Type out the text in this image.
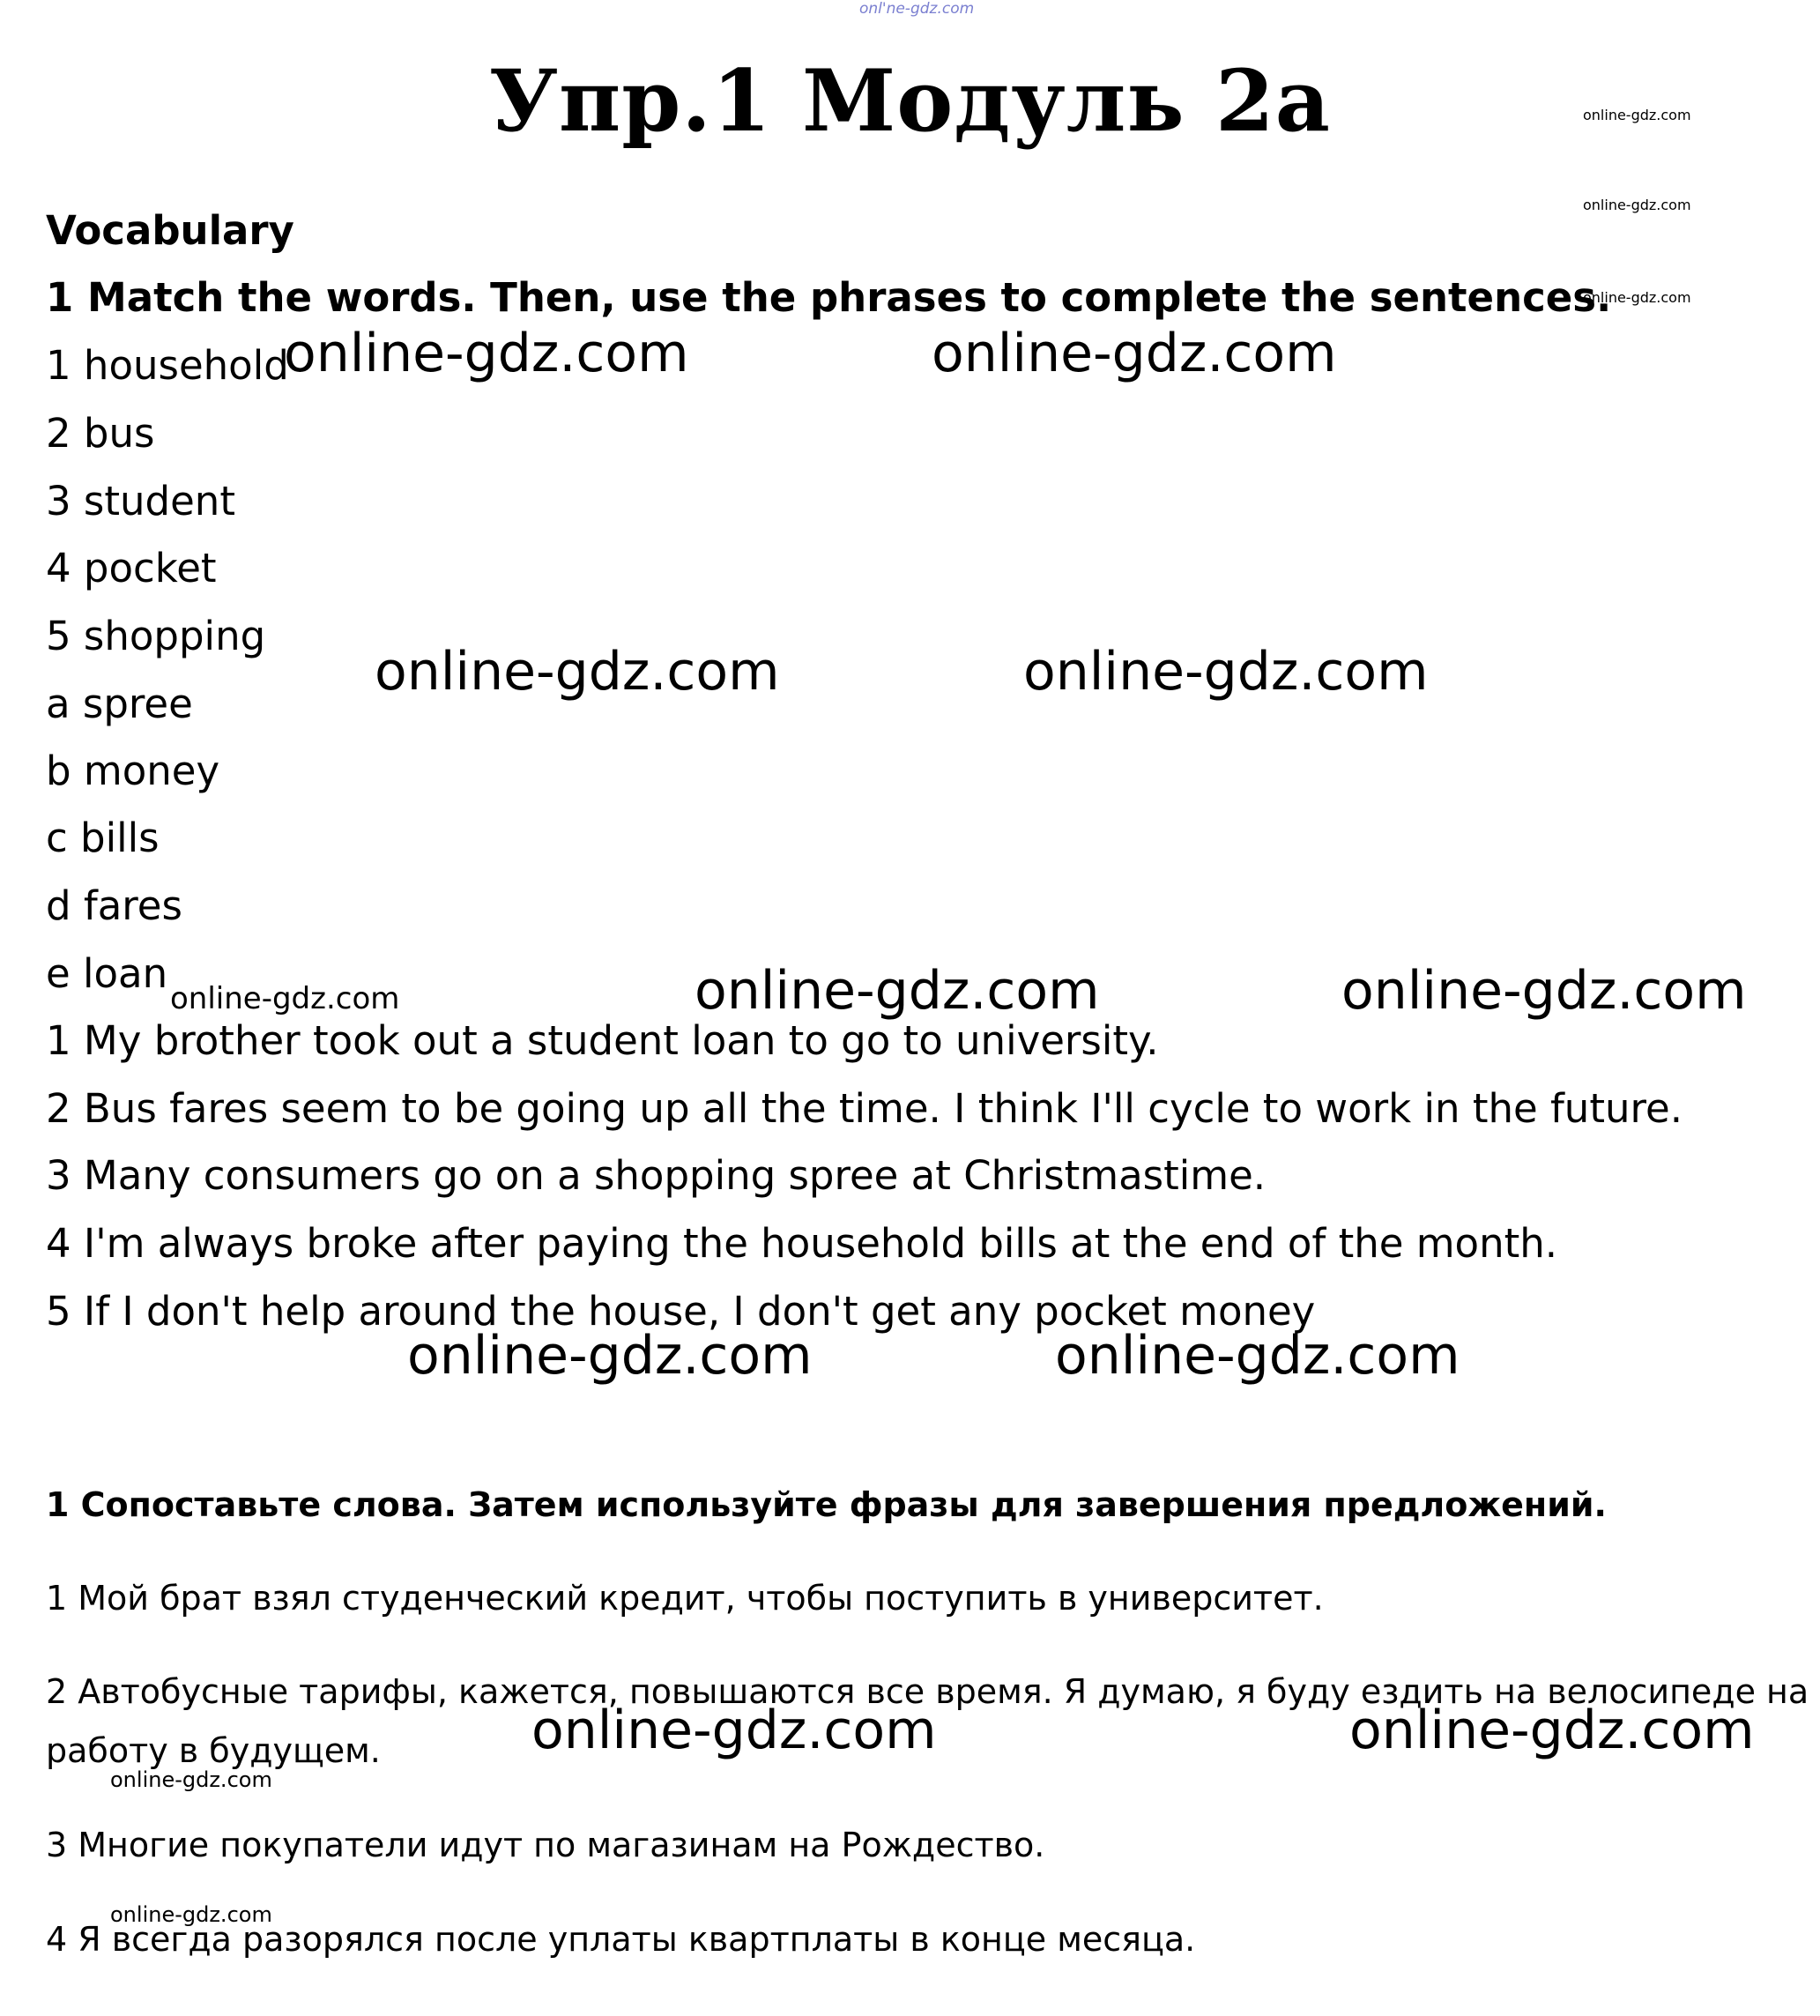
onl'ne-gdz.com
Упр.1 Модуль 2а	online-gdz.com
online-gdz.com
online-gdz.com
Vocabulary
1 Match the words. Then, use the phrases to complete the sentences.
1 household
2 bus
3 student
4 pocket
5 shopping
a spree
b money
c bills
d fares
e loan
1 My brother took out a student loan to go to university.
2 Bus fares seem to be going up all the time. I think I'll cycle to work in the future.
3 Many consumers go on a shopping spree at Christmastime.
4 I'm always broke after paying the household bills at the end of the month.
5 If I don't help around the house, I don't get any pocket money
1 Сопоставьте слова. Затем используйте фразы для завершения предложений.
1 Мой брат взял студенческий кредит, чтобы поступить в университет.
2 Автобусные тарифы, кажется, повышаются все время. Я думаю, я буду ездить на велосипеде на
работу в будущем.
3 Многие покупатели идут по магазинам на Рождество.
4 Я всегда разорялся после уплаты квартплаты в конце месяца.
online-gdz.com	online-gdz.com
online-gdz.com	online-gdz.com
online-gdz.com	online-gdz.com
online-gdz.com	online-gdz.com
online-gdz.com	online-gdz.com
online-gdz.com
online-gdz.com
online-gdz.com
